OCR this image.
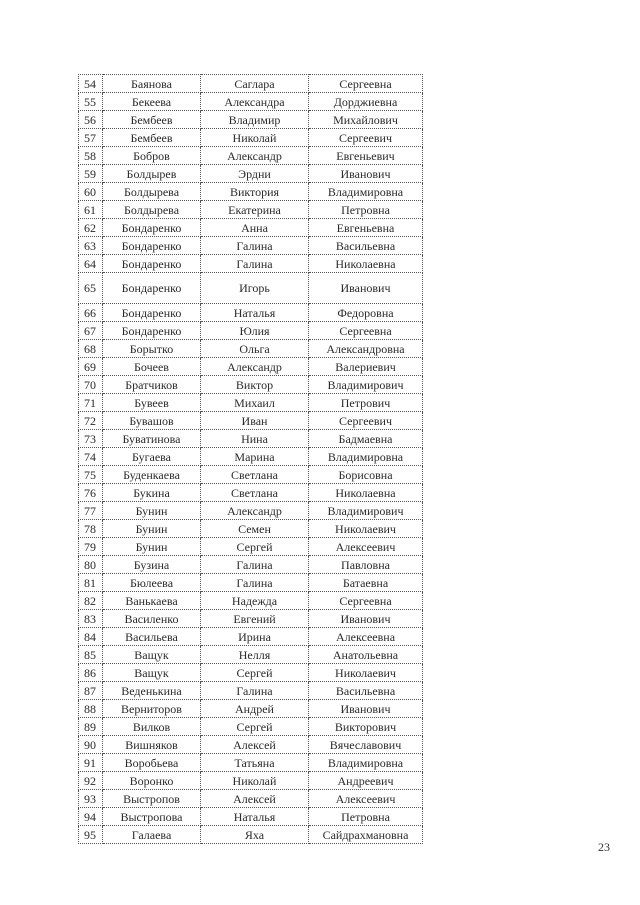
54	Баянова	Саглара	Сергеевна
55	Бекеева	Александра	Дорджиевна
56	Бембеев	Владимир	Михайлович
57	Бембеев	Николай	Сергеевич
58	Бобров	Александр	Евгеньевич
59	Болдырев	Эрдни	Иванович
60	Болдырева	Виктория	Владимировна
61	Болдырева	Екатерина	Петровна
62	Бондаренко	Анна	Евгеньевна
63	Бондаренко	Галина	Васильевна
64	Бондаренко	Галина	Николаевна
65	Бондаренко	Игорь	Иванович
66	Бондаренко	Наталья	Федоровна
67	Бондаренко	Юлия	Сергеевна
68	Борытко	Ольга	Александровна
69	Бочеев	Александр	Валериевич
70	Братчиков	Виктор	Владимирович
71	Бувеев	Михаил	Петрович
72	Бувашов	Иван	Сергеевич
73	Буватинова	Нина	Бадмаевна
74	Бугаева	Марина	Владимировна
75	Буденкаева	Светлана	Борисовна
76	Букина	Светлана	Николаевна
77	Бунин	Александр	Владимирович
78	Бунин	Семен	Николаевич
79	Бунин	Сергей	Алексеевич
80	Бузина	Галина	Павловна
81	Бюлеева	Галина	Батаевна
82	Ванькаева	Надежда	Сергеевна
83	Василенко	Евгений	Иванович
84	Васильева	Ирина	Алексеевна
85	Ващук	Нелля	Анатольевна
86	Ващук	Сергей	Николаевич
87	Веденькина	Галина	Васильевна
88	Верниторов	Андрей	Иванович
89	Вилков	Сергей	Викторович
90	Вишняков	Алексей	Вячеславович
91	Воробьева	Татьяна	Владимировна
92	Воронко	Николай	Андреевич
93	Выстропов	Алексей	Алексеевич
94	Выстропова	Наталья	Петровна
95	Галаева	Яха	Сайдрахмановна
23
